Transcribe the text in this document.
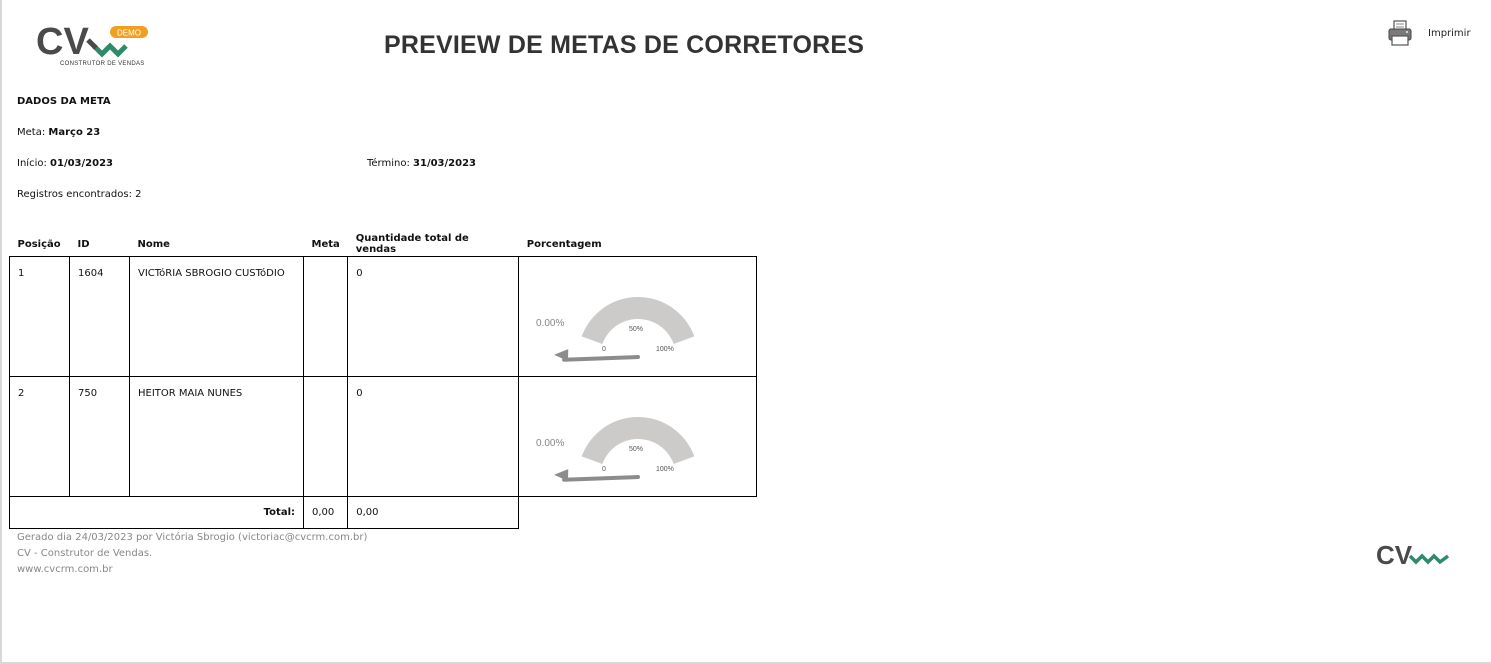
CV	DEMO
CONSTRUTOR DE VENDAS
PREVIEW DE METAS DE CORRETORES	Imprimir
DADOS DA META
Meta: Março 23
Início: 01/03/2023	Término: 31/03/2023
Registros encontrados: 2
Posição	ID	Nome	Meta	Quantidade total de vendas	Porcentagem
1	1604	VICTóRIA SBROGIO CUSTóDIO		0	0.00%
0
50%
100%

2	750	HEITOR MAIA NUNES		0	0.00%
0
50%
100%

Total:			0,00	0,00	
Gerado dia 24/03/2023 por Victória Sbrogio (victoriac@cvcrm.com.br)
CV - Construtor de Vendas.
www.cvcrm.com.br	CV
